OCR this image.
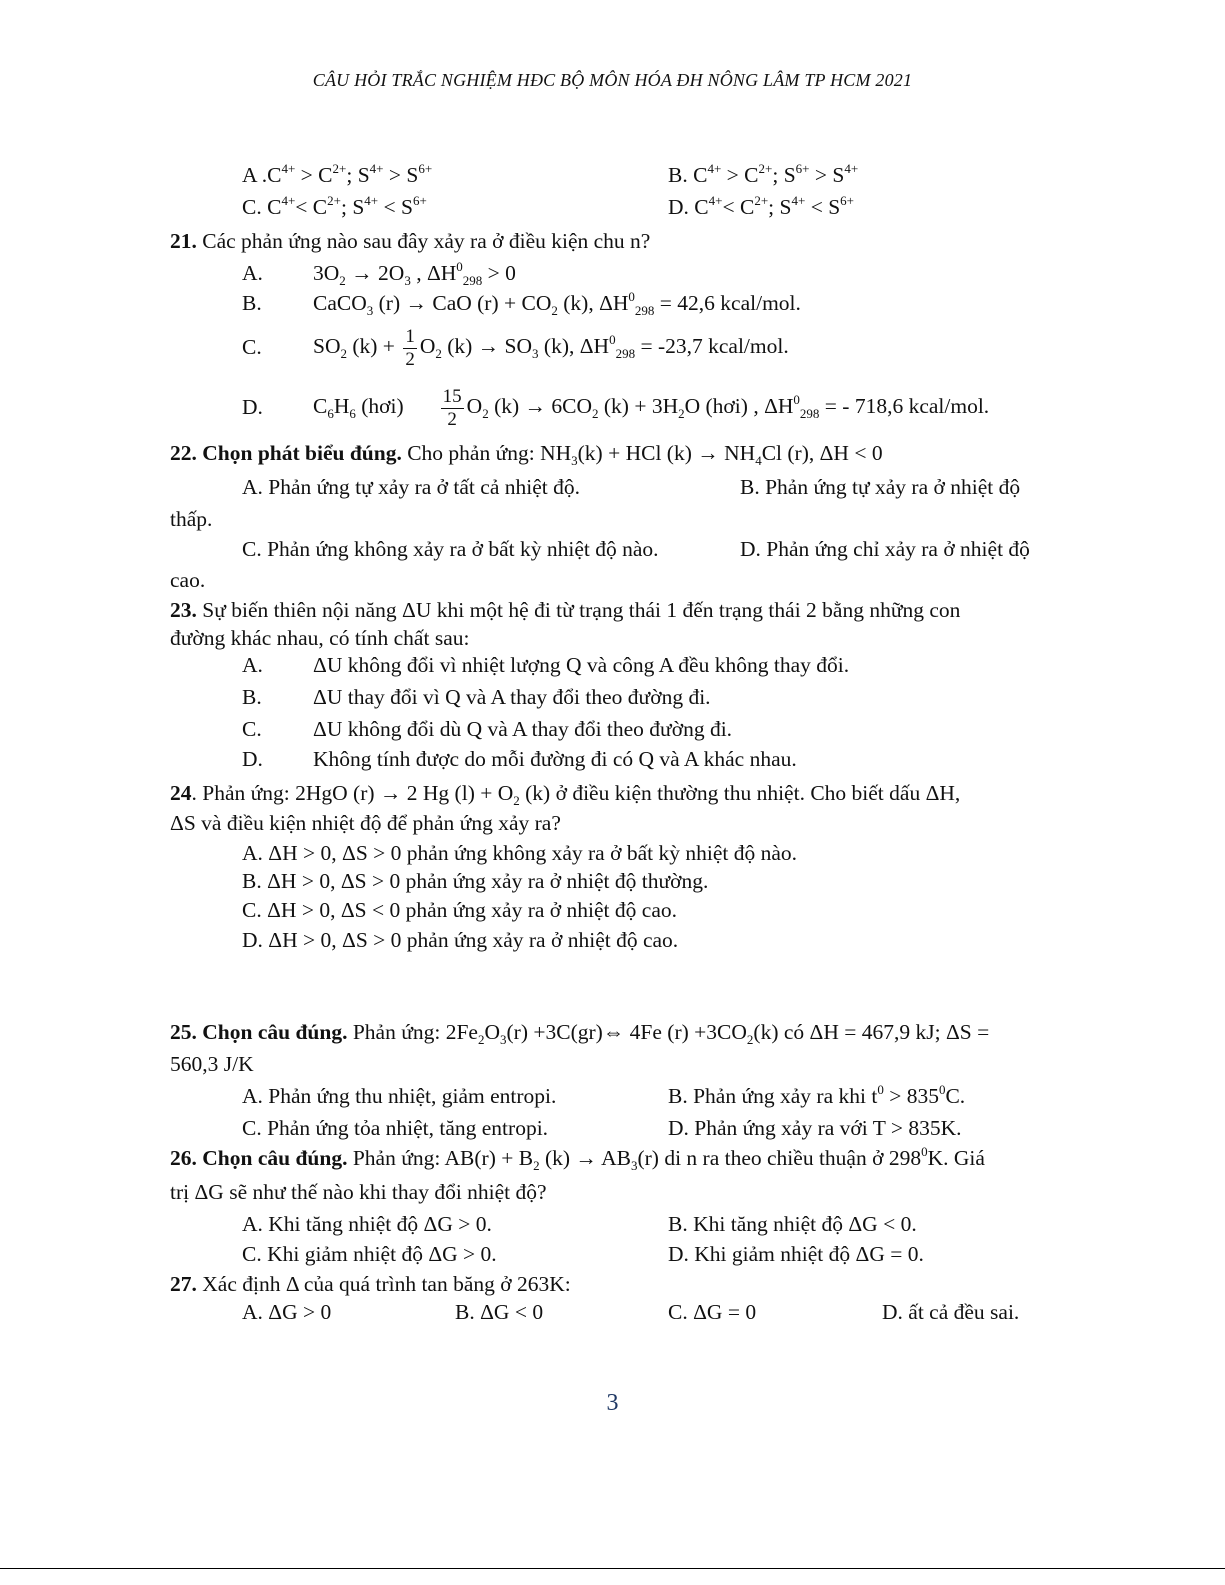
CÂU HỎI TRẮC NGHIỆM HĐC BỘ MÔN HÓA ĐH NÔNG LÂM TP HCM 2021
A $.C^{4+} > C^{2+}$; $S^{4+} > S^{6+}$	B. $C^{4+} > C^{2+}$; $S^{6+} > S^{4+}$
C. $C^{4+}< C^{2+}$; $S^{4+} < S^{6+}$	D. $C^{4+}< C^{2+}$; $S^{4+} < S^{6+}$
21. Các phản ứng nào sau đây xảy ra ở điều kiện chu n?
A. $3O_2 \to 2O_3$ , $\Delta H^0_{298} > 0$
B. CaCO$_3$ (r) → CaO $(r) + CO_2$ (k), $\Delta H^0_{298} = 42,6$ kcal/mol.
C. $SO_2$ $(k) + \frac{1}{2} O_2$ $(k) \to SO_3$ (k), $\Delta H^0_{298} = -23,7$ kcal/mol.
D. $C_6H_6$ (hơi) $\frac{15}{2} O_2$ $(k) \to 6CO_2$ $(k) + 3H_2O$ (hơi) , $\Delta H^0_{298}$ = - 718,6 kcal/mol.
22. Chọn phát biểu đúng. Cho phản ứng: $NH_3(k)$ + HCl $(k) \to NH_4Cl$ (r), ΔH < 0
A. Phản ứng tự xảy ra ở tất cả nhiệt độ.	B. Phản ứng tự xảy ra ở nhiệt độ
thấp.
C. Phản ứng không xảy ra ở bất kỳ nhiệt độ nào.	D. Phản ứng chỉ xảy ra ở nhiệt độ
cao.
23. Sự biến thiên nội năng ΔU khi một hệ đi từ trạng thái 1 đến trạng thái 2 bằng những con
đường khác nhau, có tính chất sau:
A. ΔU không đổi vì nhiệt lượng Q và công A đều không thay đổi.
B. ΔU thay đổi vì Q và A thay đổi theo đường đi.
C. ΔU không đổi dù Q và A thay đổi theo đường đi.
D. Không tính được do mỗi đường đi có Q và A khác nhau.
24. Phản ứng: 2HgO (r) → 2 Hg $(l) + O_2$ (k) ở điều kiện thường thu nhiệt. Cho biết dấu ΔH,
ΔS và điều kiện nhiệt độ để phản ứng xảy ra?
A. ΔH > 0, ΔS > 0 phản ứng không xảy ra ở bất kỳ nhiệt độ nào.
B. ΔH > 0, ΔS > 0 phản ứng xảy ra ở nhiệt độ thường.
C. ΔH > 0, ΔS < 0 phản ứng xảy ra ở nhiệt độ cao.
D. ΔH > 0, ΔS > 0 phản ứng xảy ra ở nhiệt độ cao.
25. Chọn câu đúng. Phản ứng: $2Fe_2O_3(r)$ +3C(gr)⇔ 4Fe $(r) +3CO_2(k)$ có ΔH = 467,9 kJ; ΔS =
560,3 J/K
A. Phản ứng thu nhiệt, giảm entropi.	B. Phản ứng xảy ra khi $t^0 > 835^0C$.
C. Phản ứng tỏa nhiệt, tăng entropi.	D. Phản ứng xảy ra với T > 835K.
26. Chọn câu đúng. Phản ứng: $AB(r) + B_2$ $(k) \to AB_3(r)$ di n ra theo chiều thuận ở $298^0K$. Giá
trị ΔG sẽ như thế nào khi thay đổi nhiệt độ?
A. Khi tăng nhiệt độ ΔG > 0.	B. Khi tăng nhiệt độ ΔG < 0.
C. Khi giảm nhiệt độ ΔG > 0.	D. Khi giảm nhiệt độ ΔG = 0.
27. Xác định Δ của quá trình tan băng ở 263K:
A. ΔG > 0	B. ΔG < 0	C. ΔG = 0	D. ất cả đều sai.
3
